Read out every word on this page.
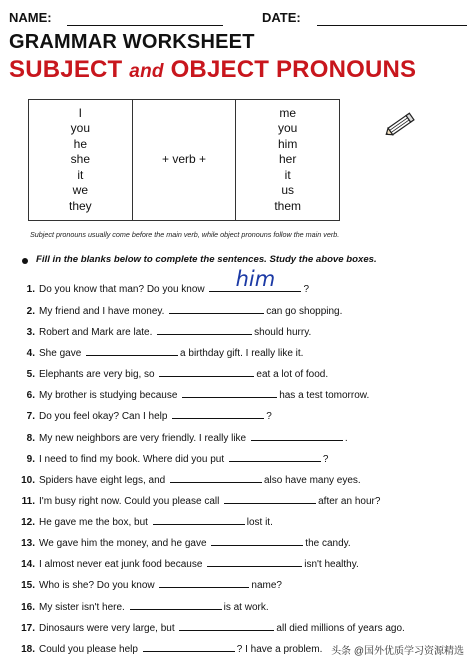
NAME:	DATE:
GRAMMAR WORKSHEET
SUBJECT and OBJECT PRONOUNS
I
you
he
she
it
we
they
+ verb +
me
you
him
her
it
us
them
Subject pronouns usually come before the main verb, while object pronouns follow the main verb.
Fill in the blanks below to complete the sentences. Study the above boxes.
1. Do you know that man? Do you know	him	?
2. My friend and I have money.	can go shopping.
3. Robert and Mark are late.	should hurry.
4. She gave	a birthday gift. I really like it.
5. Elephants are very big, so	eat a lot of food.
6. My brother is studying because	has a test tomorrow.
7. Do you feel okay? Can I help	?
8. My new neighbors are very friendly. I really like	.
9. I need to find my book. Where did you put	?
10. Spiders have eight legs, and	also have many eyes.
11. I'm busy right now. Could you please call	after an hour?
12. He gave me the box, but	lost it.
13. We gave him the money, and he gave	the candy.
14. I almost never eat junk food because	isn't healthy.
15. Who is she? Do you know	name?
16. My sister isn't here.	is at work.
17. Dinosaurs were very large, but	all died millions of years ago.
18. Could you please help	? I have a problem. 头条 @国外优质学习资源精选
